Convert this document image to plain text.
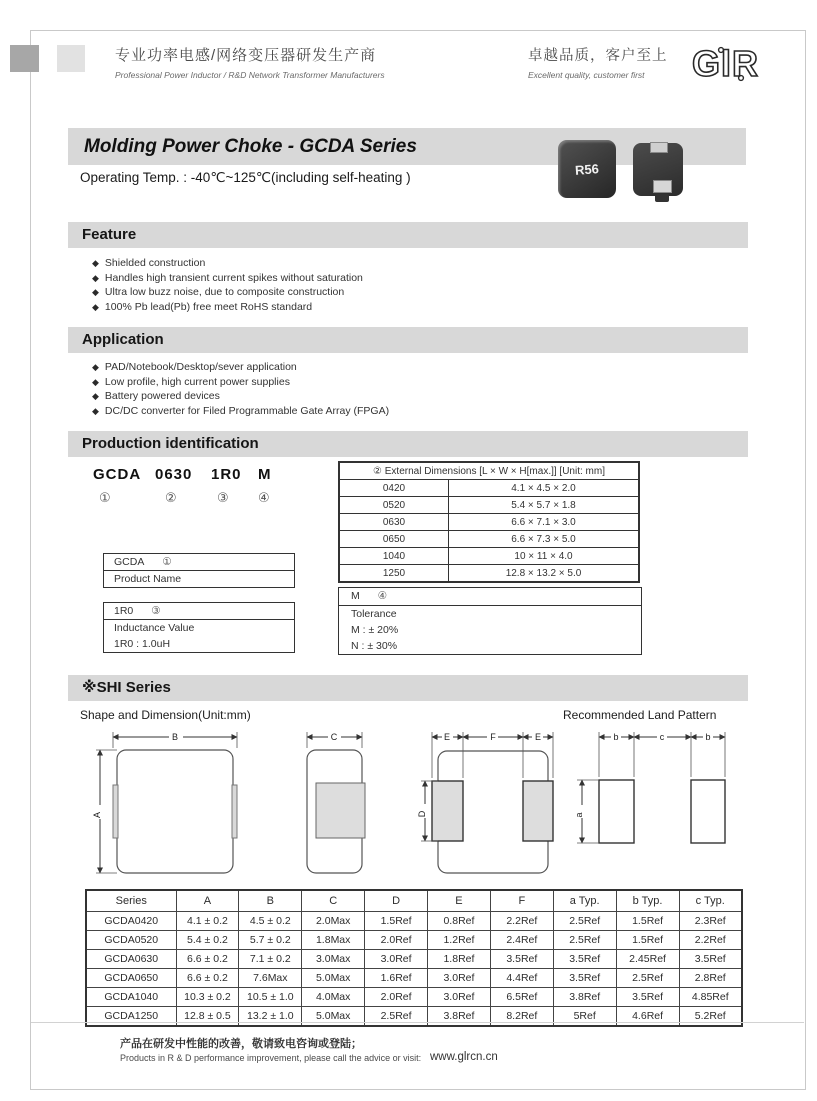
专业功率电感/网络变压器研发生产商
Professional Power Inductor / R&D Network Transformer Manufacturers
卓越品质，客户至上
Excellent quality, customer first	GlR
Molding Power Choke - GCDA Series
Operating Temp. : -40℃~125℃(including self-heating )
R56
Feature
◆ Shielded construction
◆ Handles high transient current spikes without saturation
◆ Ultra low buzz noise, due to composite construction
◆ 100% Pb lead(Pb) free meet RoHS standard
Application
◆ PAD/Notebook/Desktop/sever application
◆ Low profile, high current power supplies
◆ Battery powered devices
◆ DC/DC converter for Filed Programmable Gate Array (FPGA)
Production identification
GCDA 0630 1R0 M
①	②	③ ④
GCDA ①
Product Name
1R0 ③
Inductance Value
1R0 : 1.0uH
② External Dimensions [L × W × H[max.]] [Unit: mm]	
0420	4.1 × 4.5 × 2.0
0520	5.4 × 5.7 × 1.8
0630	6.6 × 7.1 × 3.0
0650	6.6 × 7.3 × 5.0
1040	10 × 11 × 4.0
1250	12.8 × 13.2 × 5.0
M ④
Tolerance
M : ± 20%
N : ± 30%
※SHI Series
Shape and Dimension(Unit:mm)	Recommended Land Pattern
B
A
C	E	F	E
D
b	c	b
a
Series	A	B	C	D	E	F	a Typ.	b Typ.	c Typ.
GCDA0420	4.1 ± 0.2	4.5 ± 0.2	2.0Max	1.5Ref	0.8Ref	2.2Ref	2.5Ref	1.5Ref	2.3Ref
GCDA0520	5.4 ± 0.2	5.7 ± 0.2	1.8Max	2.0Ref	1.2Ref	2.4Ref	2.5Ref	1.5Ref	2.2Ref
GCDA0630	6.6 ± 0.2	7.1 ± 0.2	3.0Max	3.0Ref	1.8Ref	3.5Ref	3.5Ref	2.45Ref	3.5Ref
GCDA0650	6.6 ± 0.2	7.6Max	5.0Max	1.6Ref	3.0Ref	4.4Ref	3.5Ref	2.5Ref	2.8Ref
GCDA1040	10.3 ± 0.2	10.5 ± 1.0	4.0Max	2.0Ref	3.0Ref	6.5Ref	3.8Ref	3.5Ref	4.85Ref
GCDA1250	12.8 ± 0.5	13.2 ± 1.0	5.0Max	2.5Ref	3.8Ref	8.2Ref	5Ref	4.6Ref	5.2Ref
产品在研发中性能的改善，敬请致电咨询或登陆；
Products in R & D performance improvement, please call the advice or visit: www.glrcn.cn
